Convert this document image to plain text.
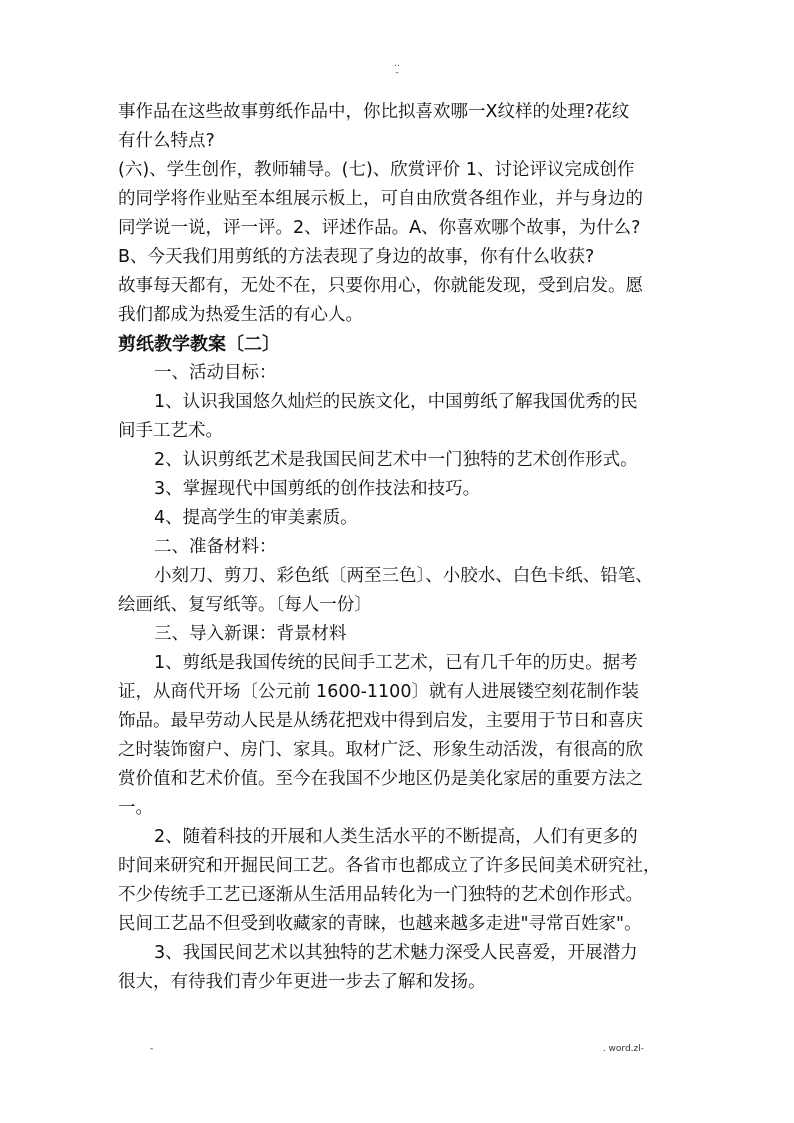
..
-
事作品在这些故事剪纸作品中，你比拟喜欢哪一X纹样的处理?花纹
有什么特点?
(六)、学生创作，教师辅导。(七)、欣赏评价 1、讨论评议完成创作
的同学将作业贴至本组展示板上，可自由欣赏各组作业，并与身边的
同学说一说，评一评。2、评述作品。A、你喜欢哪个故事，为什么?
B、今天我们用剪纸的方法表现了身边的故事，你有什么收获?
故事每天都有，无处不在，只要你用心，你就能发现，受到启发。愿
我们都成为热爱生活的有心人。
剪纸教学教案〔二〕
一、活动目标：
1、认识我国悠久灿烂的民族文化，中国剪纸了解我国优秀的民
间手工艺术。
2、认识剪纸艺术是我国民间艺术中一门独特的艺术创作形式。
3、掌握现代中国剪纸的创作技法和技巧。
4、提高学生的审美素质。
二、准备材料：
小刻刀、剪刀、彩色纸〔两至三色〕、小胶水、白色卡纸、铅笔、
绘画纸、复写纸等。〔每人一份〕
三、导入新课：背景材料
1、剪纸是我国传统的民间手工艺术，已有几千年的历史。据考
证，从商代开场〔公元前 1600-1100〕就有人进展镂空刻花制作装
饰品。最早劳动人民是从绣花把戏中得到启发，主要用于节日和喜庆
之时装饰窗户、房门、家具。取材广泛、形象生动活泼，有很高的欣
赏价值和艺术价值。至今在我国不少地区仍是美化家居的重要方法之
一。
2、随着科技的开展和人类生活水平的不断提高，人们有更多的
时间来研究和开掘民间工艺。各省市也都成立了许多民间美术研究社，
不少传统手工艺已逐渐从生活用品转化为一门独特的艺术创作形式。
民间工艺品不但受到收藏家的青睐，也越来越多走进"寻常百姓家"。
3、我国民间艺术以其独特的艺术魅力深受人民喜爱，开展潜力
很大，有待我们青少年更进一步去了解和发扬。
-	. word.zl-
